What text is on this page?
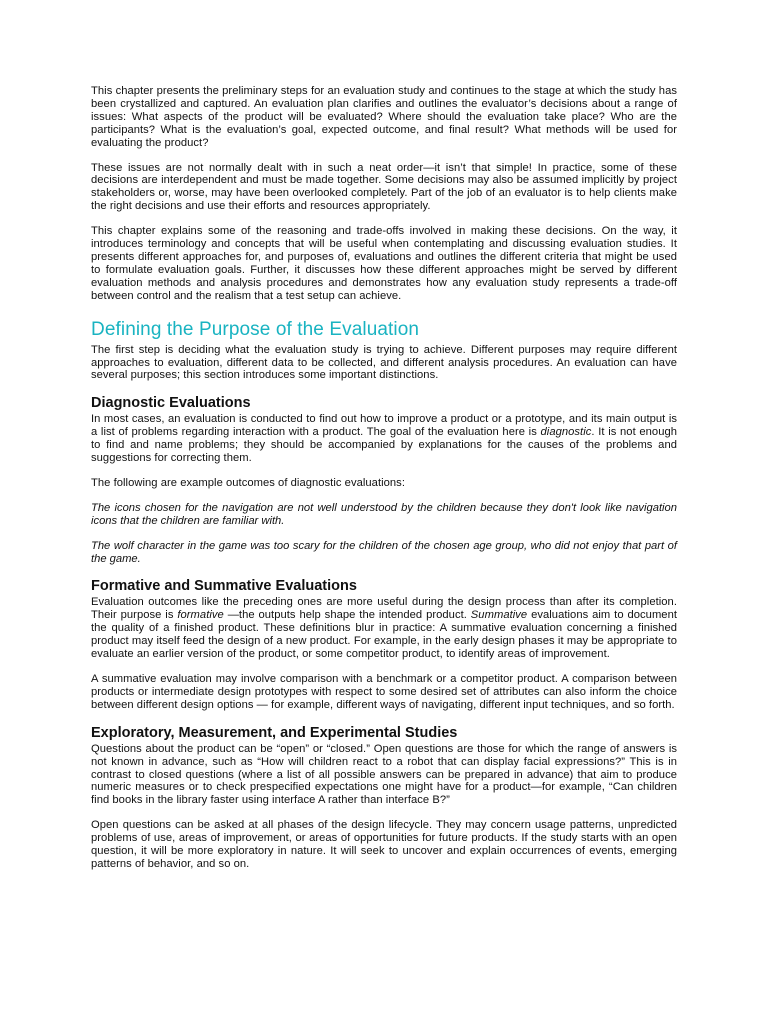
This chapter presents the preliminary steps for an evaluation study and continues to the stage at which the study has been crystallized and captured. An evaluation plan clarifies and outlines the evaluator’s decisions about a range of issues: What aspects of the product will be evaluated? Where should the evaluation take place? Who are the participants? What is the evaluation’s goal, expected outcome, and final result? What methods will be used for evaluating the product?

These issues are not normally dealt with in such a neat order—it isn’t that simple! In practice, some of these decisions are interdependent and must be made together. Some decisions may also be assumed implicitly by project stakeholders or, worse, may have been overlooked completely. Part of the job of an evaluator is to help clients make the right decisions and use their efforts and resources appropriately.

This chapter explains some of the reasoning and trade-offs involved in making these decisions. On the way, it introduces terminology and concepts that will be useful when contemplating and discussing evaluation studies. It presents different approaches for, and purposes of, evaluations and outlines the different criteria that might be used to formulate evaluation goals. Further, it discusses how these different approaches might be served by different evaluation methods and analysis procedures and demonstrates how any evaluation study represents a trade-off between control and the realism that a test setup can achieve.

Defining the Purpose of the Evaluation

The first step is deciding what the evaluation study is trying to achieve. Different purposes may require different approaches to evaluation, different data to be collected, and different analysis procedures. An evaluation can have several purposes; this section introduces some important distinctions.

Diagnostic Evaluations

In most cases, an evaluation is conducted to find out how to improve a product or a prototype, and its main output is a list of problems regarding interaction with a product. The goal of the evaluation here is diagnostic. It is not enough to find and name problems; they should be accompanied by explanations for the causes of the problems and suggestions for correcting them.

The following are example outcomes of diagnostic evaluations:

The icons chosen for the navigation are not well understood by the children because they don't look like navigation icons that the children are familiar with.

The wolf character in the game was too scary for the children of the chosen age group, who did not enjoy that part of the game.

Formative and Summative Evaluations

Evaluation outcomes like the preceding ones are more useful during the design process than after its completion. Their purpose is formative —the outputs help shape the intended product. Summative evaluations aim to document the quality of a finished product. These definitions blur in practice: A summative evaluation concerning a finished product may itself feed the design of a new product. For example, in the early design phases it may be appropriate to evaluate an earlier version of the product, or some competitor product, to identify areas of improvement.

A summative evaluation may involve comparison with a benchmark or a competitor product. A comparison between products or intermediate design prototypes with respect to some desired set of attributes can also inform the choice between different design options — for example, different ways of navigating, different input techniques, and so forth.

Exploratory, Measurement, and Experimental Studies

Questions about the product can be “open” or “closed.” Open questions are those for which the range of answers is not known in advance, such as “How will children react to a robot that can display facial expressions?” This is in contrast to closed questions (where a list of all possible answers can be prepared in advance) that aim to produce numeric measures or to check prespecified expectations one might have for a product—for example, “Can children find books in the library faster using interface A rather than interface B?”

Open questions can be asked at all phases of the design lifecycle. They may concern usage patterns, unpredicted problems of use, areas of improvement, or areas of opportunities for future products. If the study starts with an open question, it will be more exploratory in nature. It will seek to uncover and explain occurrences of events, emerging patterns of behavior, and so on.
